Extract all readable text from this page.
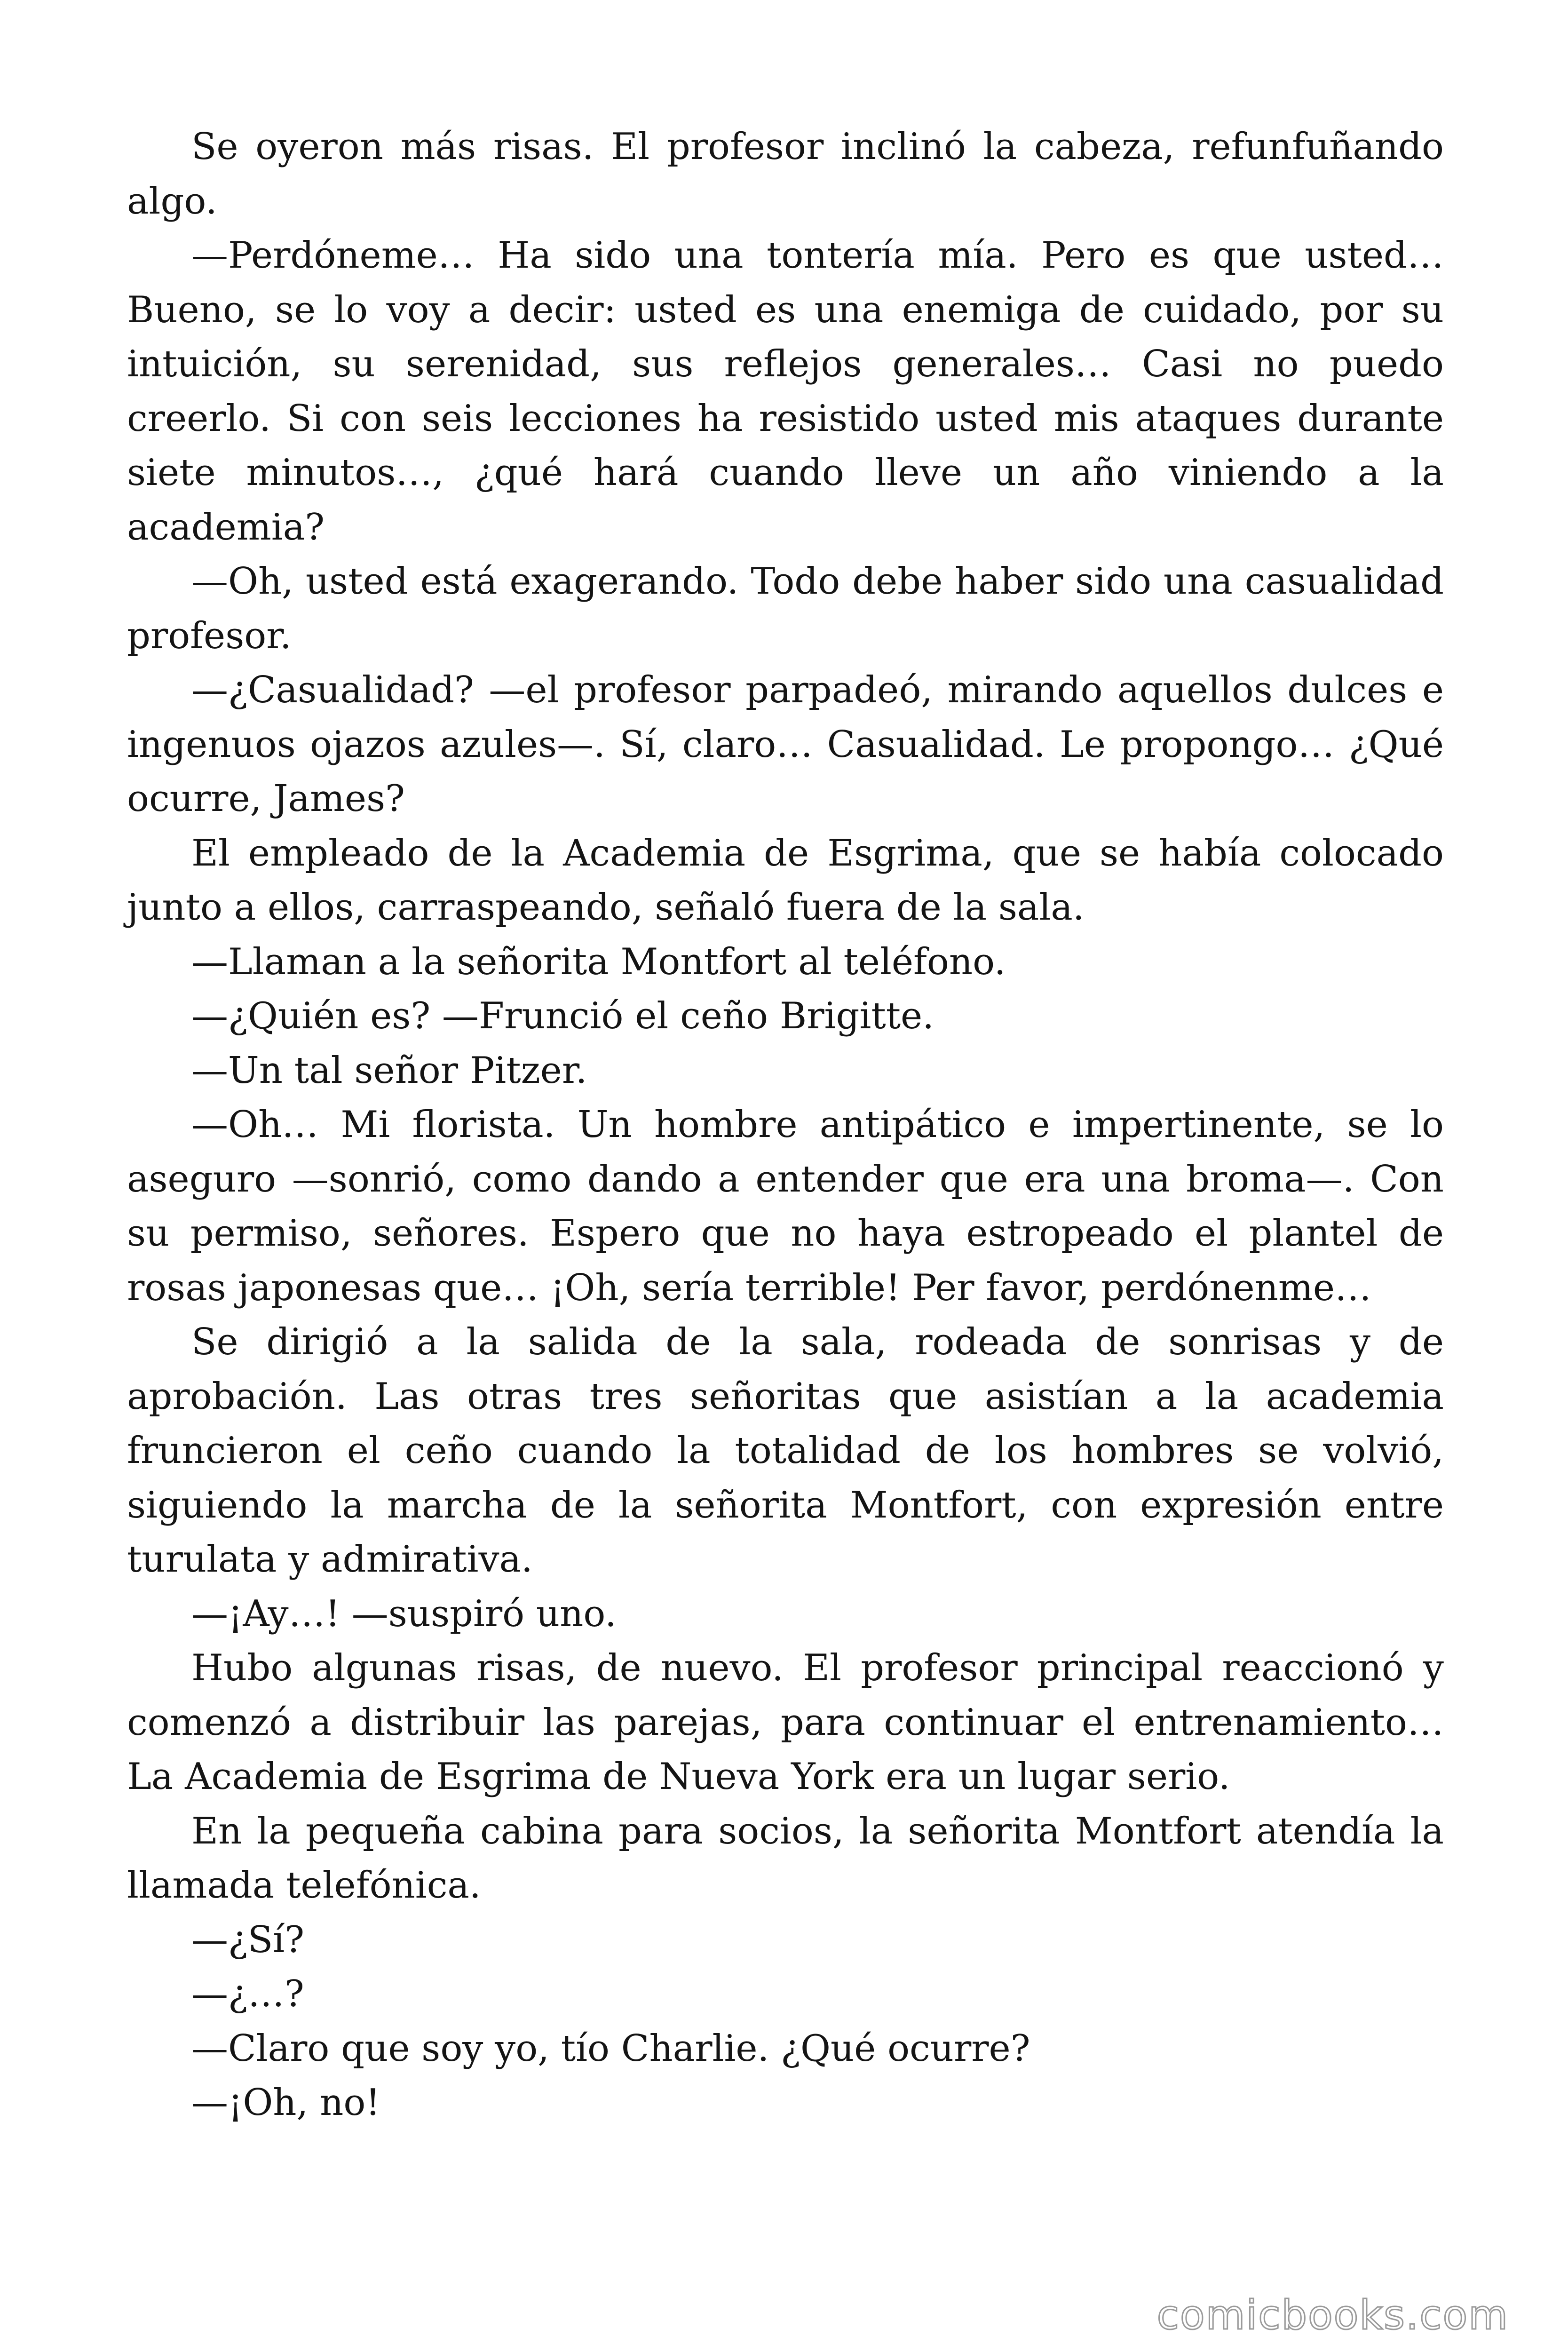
Se oyeron más risas. El profesor inclinó la cabeza, refunfuñando algo.

—Perdóneme… Ha sido una tontería mía. Pero es que usted… Bueno, se lo voy a decir: usted es una enemiga de cuidado, por su intuición, su serenidad, sus reflejos generales… Casi no puedo creerlo. Si con seis lecciones ha resistido usted mis ataques durante siete minutos…, ¿qué hará cuando lleve un año viniendo a la academia?

—Oh, usted está exagerando. Todo debe haber sido una casualidad profesor.

—¿Casualidad? —el profesor parpadeó, mirando aquellos dulces e ingenuos ojazos azules—. Sí, claro… Casualidad. Le propongo… ¿Qué ocurre, James?

El empleado de la Academia de Esgrima, que se había colocado junto a ellos, carraspeando, señaló fuera de la sala.

—Llaman a la señorita Montfort al teléfono.

—¿Quién es? —Frunció el ceño Brigitte.

—Un tal señor Pitzer.

—Oh… Mi florista. Un hombre antipático e impertinente, se lo aseguro —sonrió, como dando a entender que era una broma—. Con su permiso, señores. Espero que no haya estropeado el plantel de rosas japonesas que… ¡Oh, sería terrible! Per favor, perdónenme…

Se dirigió a la salida de la sala, rodeada de sonrisas y de aprobación. Las otras tres señoritas que asistían a la academia fruncieron el ceño cuando la totalidad de los hombres se volvió, siguiendo la marcha de la señorita Montfort, con expresión entre turulata y admirativa.

—¡Ay…! —suspiró uno.

Hubo algunas risas, de nuevo. El profesor principal reaccionó y comenzó a distribuir las parejas, para continuar el entrenamiento… La Academia de Esgrima de Nueva York era un lugar serio.

En la pequeña cabina para socios, la señorita Montfort atendía la llamada telefónica.

—¿Sí?

—¿…?

—Claro que soy yo, tío Charlie. ¿Qué ocurre?

—¡Oh, no!

comicbooks.com
